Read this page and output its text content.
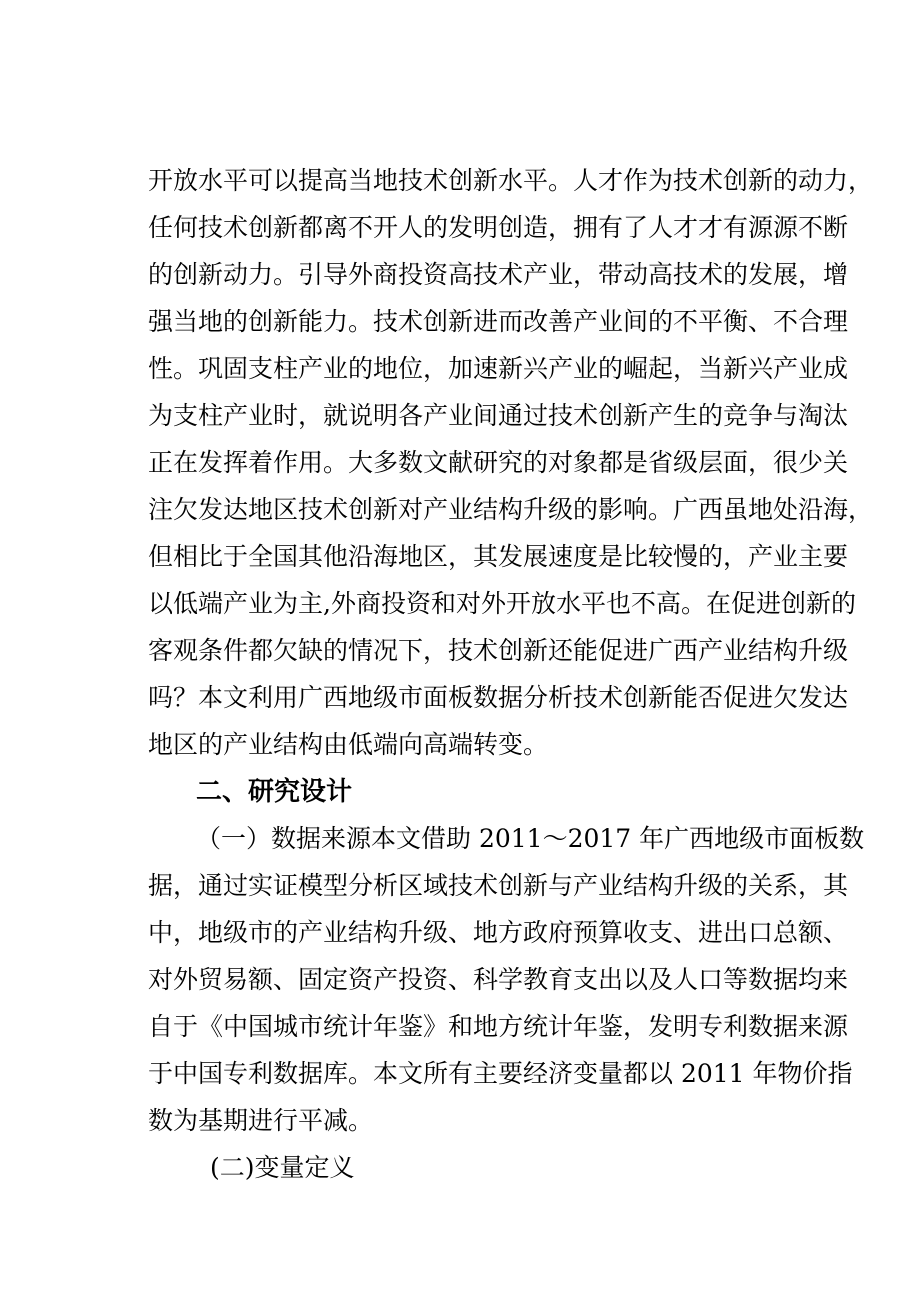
开放水平可以提高当地技术创新水平。人才作为技术创新的动力，
任何技术创新都离不开人的发明创造，拥有了人才才有源源不断
的创新动力。引导外商投资高技术产业，带动高技术的发展，增
强当地的创新能力。技术创新进而改善产业间的不平衡、不合理
性。巩固支柱产业的地位，加速新兴产业的崛起，当新兴产业成
为支柱产业时，就说明各产业间通过技术创新产生的竞争与淘汰
正在发挥着作用。大多数文献研究的对象都是省级层面，很少关
注欠发达地区技术创新对产业结构升级的影响。广西虽地处沿海，
但相比于全国其他沿海地区，其发展速度是比较慢的，产业主要
以低端产业为主,外商投资和对外开放水平也不高。在促进创新的
客观条件都欠缺的情况下，技术创新还能促进广西产业结构升级
吗？本文利用广西地级市面板数据分析技术创新能否促进欠发达
地区的产业结构由低端向高端转变。
二、研究设计
（一）数据来源本文借助 2011～2017 年广西地级市面板数
据，通过实证模型分析区域技术创新与产业结构升级的关系，其
中，地级市的产业结构升级、地方政府预算收支、进出口总额、
对外贸易额、固定资产投资、科学教育支出以及人口等数据均来
自于《中国城市统计年鉴》和地方统计年鉴，发明专利数据来源
于中国专利数据库。本文所有主要经济变量都以 2011 年物价指
数为基期进行平减。
(二)变量定义
